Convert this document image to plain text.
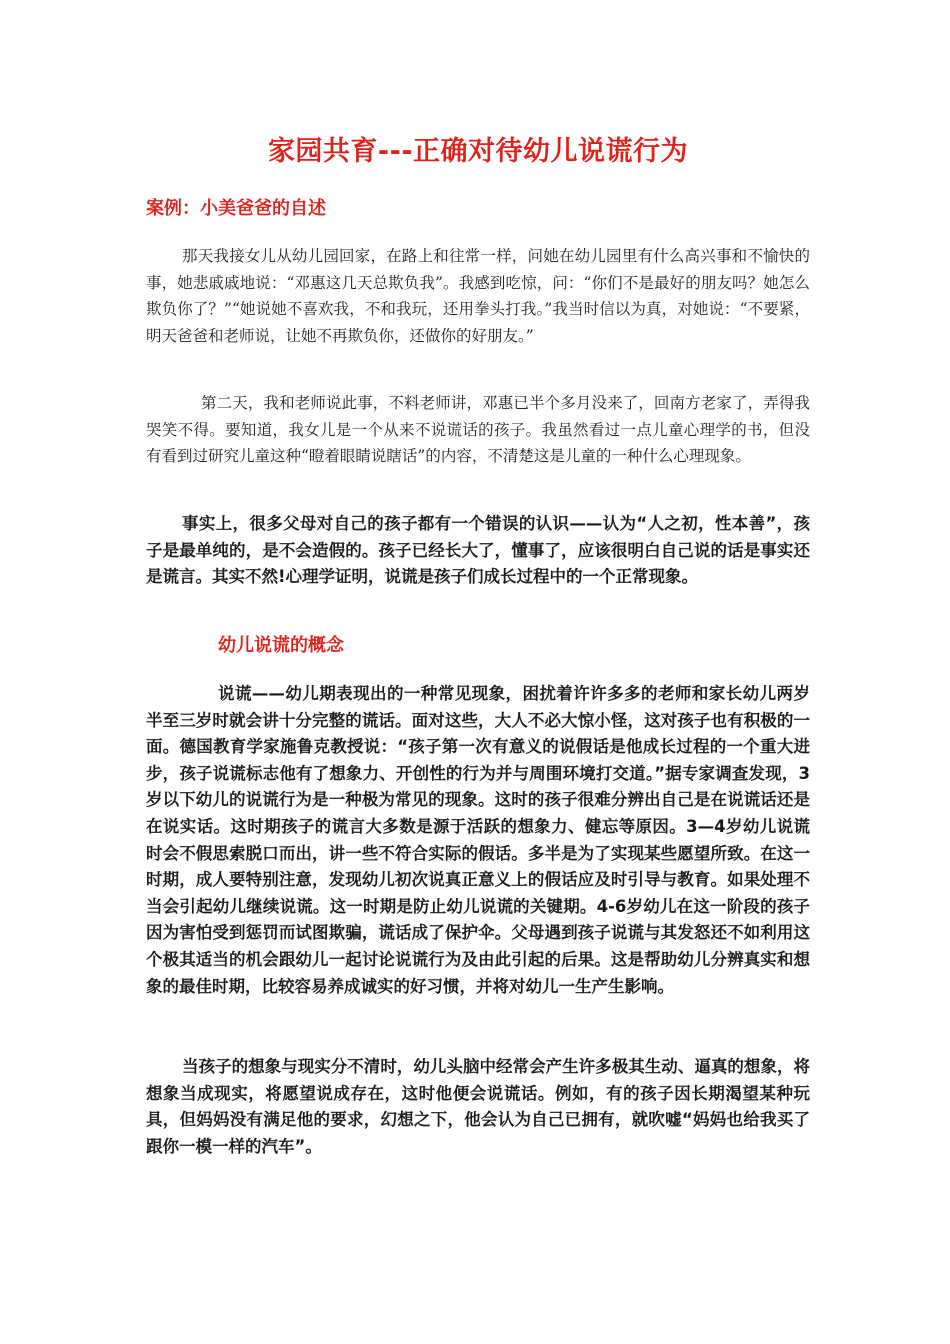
家园共育---正确对待幼儿说谎行为
案例：小美爸爸的自述

那天我接女儿从幼儿园回家，在路上和往常一样，问她在幼儿园里有什么高兴事和不愉快的事，她悲戚戚地说：“邓惠这几天总欺负我”。我感到吃惊，问：“你们不是最好的朋友吗？她怎么欺负你了？”“她说她不喜欢我，不和我玩，还用拳头打我。”我当时信以为真，对她说：“不要紧，明天爸爸和老师说，让她不再欺负你，还做你的好朋友。”

第二天，我和老师说此事，不料老师讲，邓惠已半个多月没来了，回南方老家了，弄得我哭笑不得。要知道，我女儿是一个从来不说谎话的孩子。我虽然看过一点儿童心理学的书，但没有看到过研究儿童这种“瞪着眼睛说瞎话”的内容，不清楚这是儿童的一种什么心理现象。

事实上，很多父母对自己的孩子都有一个错误的认识——认为“人之初，性本善”，孩子是最单纯的，是不会造假的。孩子已经长大了，懂事了，应该很明白自己说的话是事实还是谎言。其实不然!心理学证明，说谎是孩子们成长过程中的一个正常现象。

幼儿说谎的概念

说谎——幼儿期表现出的一种常见现象，困扰着许许多多的老师和家长幼儿两岁半至三岁时就会讲十分完整的谎话。面对这些，大人不必大惊小怪，这对孩子也有积极的一面。德国教育学家施鲁克教授说：“孩子第一次有意义的说假话是他成长过程的一个重大进步，孩子说谎标志他有了想象力、开创性的行为并与周围环境打交道。”据专家调查发现，3岁以下幼儿的说谎行为是一种极为常见的现象。这时的孩子很难分辨出自己是在说谎话还是在说实话。这时期孩子的谎言大多数是源于活跃的想象力、健忘等原因。3—4岁幼儿说谎时会不假思索脱口而出，讲一些不符合实际的假话。多半是为了实现某些愿望所致。在这一时期，成人要特别注意，发现幼儿初次说真正意义上的假话应及时引导与教育。如果处理不当会引起幼儿继续说谎。这一时期是防止幼儿说谎的关键期。4-6岁幼儿在这一阶段的孩子因为害怕受到惩罚而试图欺骗，谎话成了保护伞。父母遇到孩子说谎与其发怒还不如利用这个极其适当的机会跟幼儿一起讨论说谎行为及由此引起的后果。这是帮助幼儿分辨真实和想象的最佳时期，比较容易养成诚实的好习惯，并将对幼儿一生产生影响。

当孩子的想象与现实分不清时，幼儿头脑中经常会产生许多极其生动、逼真的想象，将想象当成现实，将愿望说成存在，这时他便会说谎话。例如，有的孩子因长期渴望某种玩具，但妈妈没有满足他的要求，幻想之下，他会认为自己已拥有，就吹嘘“妈妈也给我买了跟你一模一样的汽车”。
